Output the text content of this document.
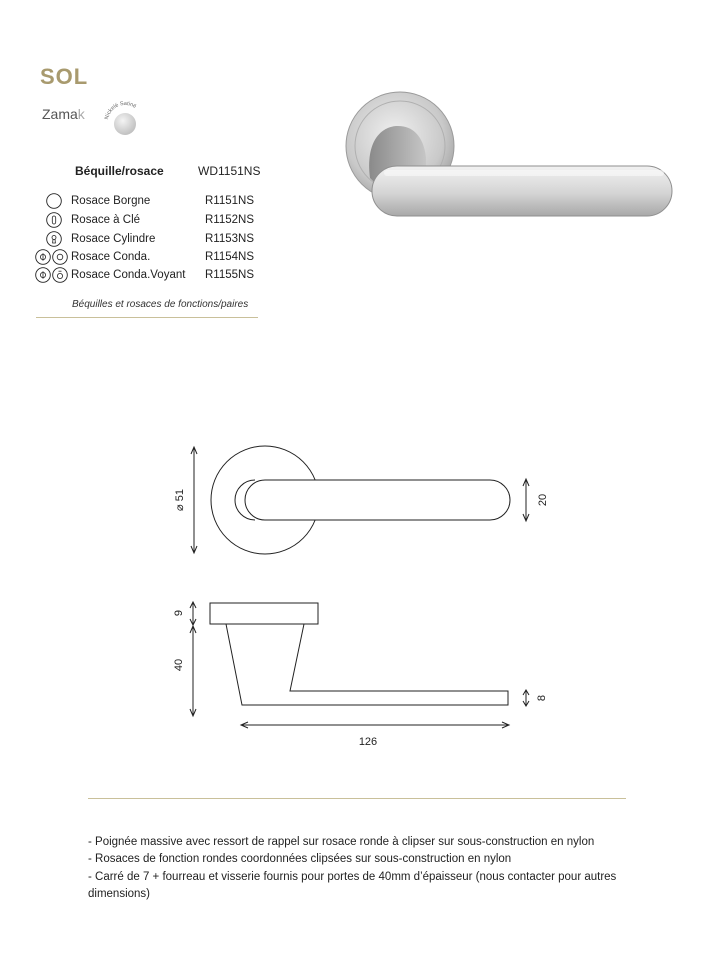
SOL
Zamak	Nickelé Satiné
Béquille/rosace	WD1151NS
Rosace Borgne	R1151NS
Rosace à Clé	R1152NS
Rosace Cylindre	R1153NS
Rosace Conda.	R1154NS
Rosace Conda.Voyant R1155NS
Béquilles et rosaces de fonctions/paires
⌀ 51	20
9
40
8
126
- Poignée massive avec ressort de rappel sur rosace ronde à clipser sur sous-construction en nylon
- Rosaces de fonction rondes coordonnées clipsées sur sous-construction en nylon
- Carré de 7 + fourreau et visserie fournis pour portes de 40mm d’épaisseur (nous contacter pour autres
dimensions)
